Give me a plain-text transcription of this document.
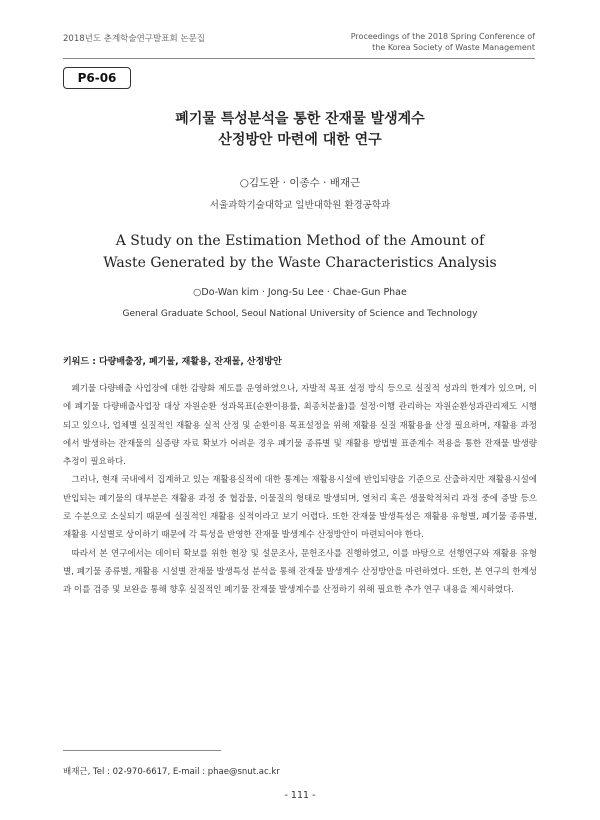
2018년도 춘계학술연구발표회 논문집	Proceedings of the 2018 Spring Conference of
the Korea Society of Waste Management
P6-06
폐기물 특성분석을 통한 잔재물 발생계수
산정방안 마련에 대한 연구
○김도완 · 이종수 · 배재근
서울과학기술대학교 일반대학원 환경공학과
A Study on the Estimation Method of the Amount of
Waste Generated by the Waste Characteristics Analysis
○Do-Wan kim · Jong-Su Lee · Chae-Gun Phae
General Graduate School, Seoul National University of Science and Technology
키워드 : 다량배출장, 폐기물, 재활용, 잔재물, 산정방안

폐기물 다량배출 사업장에 대한 감량화 제도를 운영하였으나, 자발적 목표 설정 방식 등으로 실질적 성과의 한계가 있으며, 이에 폐기물 다량배출사업장 대상 자원순환 성과목표(순환이용률, 최종처분율)를 설정·이행 관리하는 자원순환성과관리제도 시행되고 있으나, 업체별 실질적인 재활용 실적 산정 및 순환이용 목표설정을 위해 재활용 실질 재활용율 산정 필요하며, 재활용 과정에서 발생하는 잔재물의 실증량 자료 확보가 어려운 경우 폐기물 종류별 및 재활용 방법별 표준계수 적용을 통한 잔재물 발생량 추정이 필요하다.

그러나, 현재 국내에서 집계하고 있는 재활용실적에 대한 통계는 재활용시설에 반입되량을 기준으로 산출하지만 재활용시설에 반입되는 폐기물의 대부분은 재활용 과정 중 협잡물, 이물질의 형태로 발생되며, 열처리 혹은 생물학적처리 과정 중에 증발 등으로 수분으로 소실되기 때문에 실질적인 재활용 실적이라고 보기 어렵다. 또한 잔재물 발생특성은 재활용 유형별, 폐기물 종류별, 재활용 시설별로 상이하기 때문에 각 특성을 반영한 잔재물 발생계수 산정방안이 마련되어야 한다.

따라서 본 연구에서는 데이터 확보를 위한 현장 및 설문조사, 문헌조사를 진행하였고, 이를 바탕으로 선행연구와 재활용 유형별, 폐기물 종류별, 재활용 시설별 잔재물 발생특성 분석을 통해 잔재물 발생계수 산정방안을 마련하였다. 또한, 본 연구의 한계성과 이를 검증 및 보완을 통해 향후 실질적인 폐기물 잔재물 발생계수를 산정하기 위해 필요한 추가 연구 내용을 제시하였다.

배재근, Tel : 02-970-6617, E-mail : phae@snut.ac.kr
- 111 -
